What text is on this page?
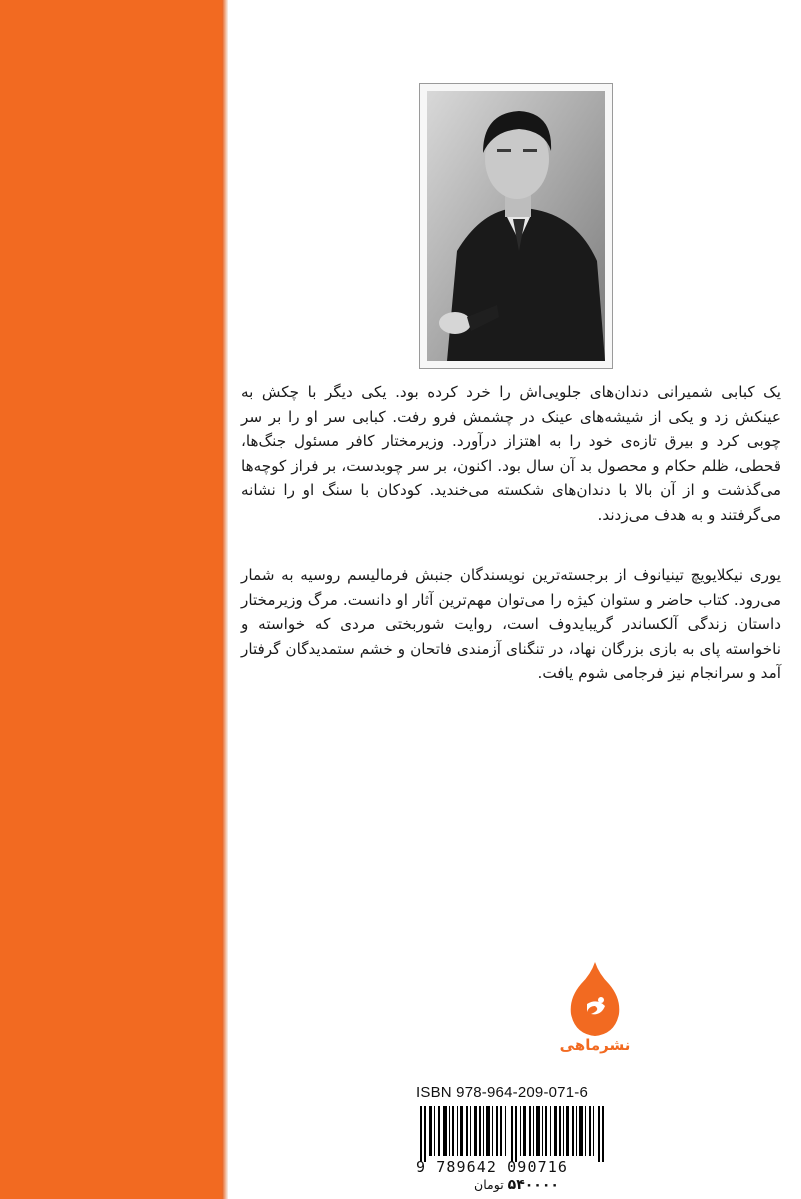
یک کبابی شمیرانی دندان‌های جلویی‌اش را خرد کرده بود. یکی دیگر با چکش به عینکش زد و یکی از شیشه‌های عینک در چشمش فرو رفت. کبابی سر او را بر سر چوبی کرد و بیرق تازه‌ی خود را به اهتزاز درآورد. وزیرمختار کافر مسئول جنگ‌ها، قحطی، ظلم حکام و محصول بد آن سال بود. اکنون، بر سر چوبدست، بر فراز کوچه‌ها می‌گذشت و از آن بالا با دندان‌های شکسته می‌خندید. کودکان با سنگ او را نشانه می‌گرفتند و به هدف می‌زدند.

یوری نیکلایویچ تینیانوف از برجسته‌ترین نویسندگان جنبش فرمالیسم روسیه به شمار می‌رود. کتاب حاضر و ستوان کیژه را می‌توان مهم‌ترین آثار او دانست. مرگ وزیرمختار داستان زندگی آلکساندر گریبایدوف است، روایت شوربختی مردی که خواسته و ناخواسته پای به بازی بزرگان نهاد، در تنگنای آزمندی فاتحان و خشم ستمدیدگان گرفتار آمد و سرانجام نیز فرجامی شوم یافت.

نشرماهی
ISBN 978-964-209-071-6
9 789642 090716
۵۴۰۰۰۰ تومان
